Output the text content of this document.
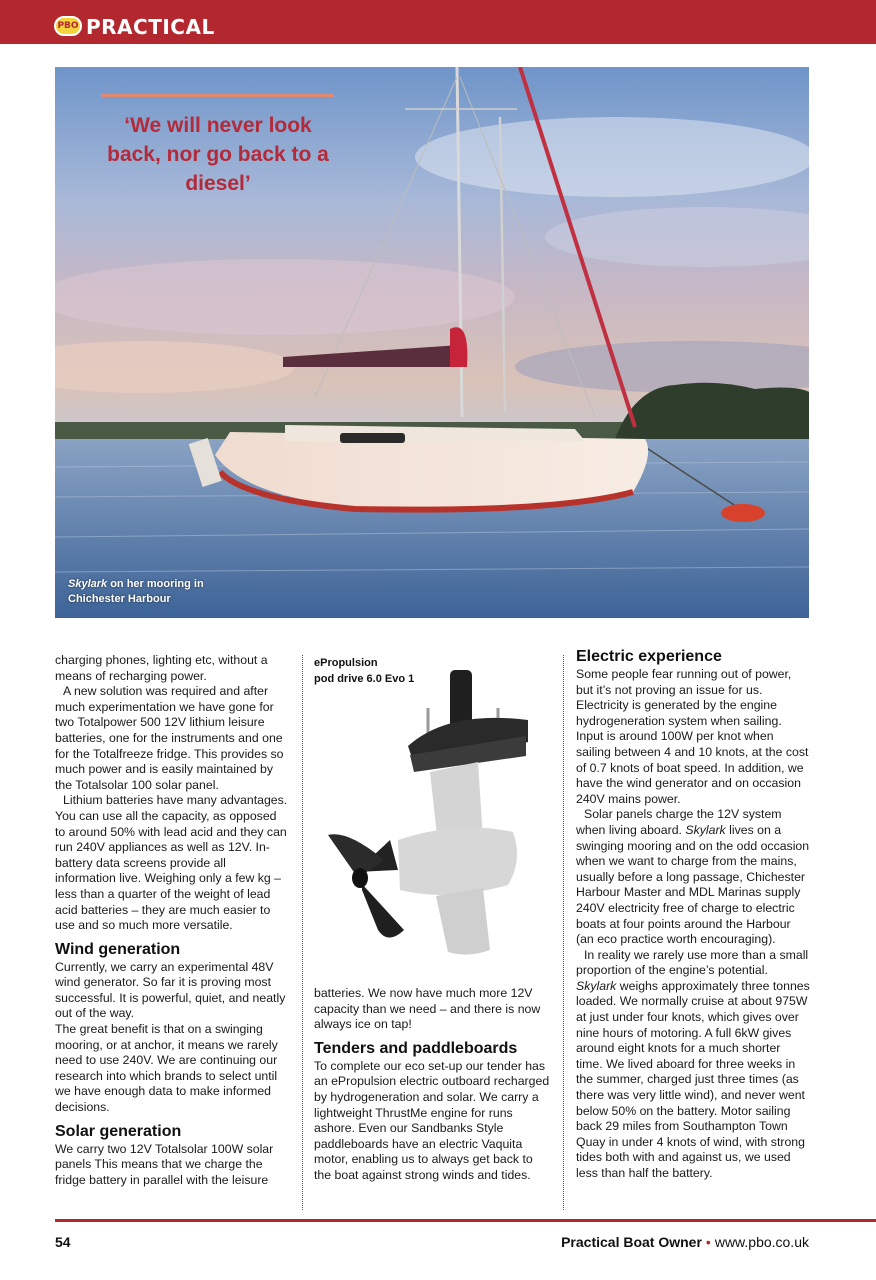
PBO PRACTICAL
‘We will never look back, nor go back to a diesel’
Skylark on her mooring in Chichester Harbour

charging phones, lighting etc, without a means of recharging power.

A new solution was required and after much experimentation we have gone for two Totalpower 500 12V lithium leisure batteries, one for the instruments and one for the Totalfreeze fridge. This provides so much power and is easily maintained by the Totalsolar 100 solar panel.

Lithium batteries have many advantages. You can use all the capacity, as opposed to around 50% with lead acid and they can run 240V appliances as well as 12V. In-battery data screens provide all information live. Weighing only a few kg – less than a quarter of the weight of lead acid batteries – they are much easier to use and so much more versatile.

Wind generation

Currently, we carry an experimental 48V wind generator. So far it is proving most successful. It is powerful, quiet, and neatly out of the way.

The great benefit is that on a swinging mooring, or at anchor, it means we rarely need to use 240V. We are continuing our research into which brands to select until we have enough data to make informed decisions.

Solar generation

We carry two 12V Totalsolar 100W solar panels This means that we charge the fridge battery in parallel with the leisure

ePropulsion
pod drive 6.0 Evo 1

batteries. We now have much more 12V capacity than we need – and there is now always ice on tap!

Tenders and paddleboards

To complete our eco set-up our tender has an ePropulsion electric outboard recharged by hydrogeneration and solar. We carry a lightweight ThrustMe engine for runs ashore. Even our Sandbanks Style paddleboards have an electric Vaquita motor, enabling us to always get back to the boat against strong winds and tides.

Electric experience

Some people fear running out of power, but it’s not proving an issue for us. Electricity is generated by the engine hydrogeneration system when sailing. Input is around 100W per knot when sailing between 4 and 10 knots, at the cost of 0.7 knots of boat speed. In addition, we have the wind generator and on occasion 240V mains power.

Solar panels charge the 12V system when living aboard. Skylark lives on a swinging mooring and on the odd occasion when we want to charge from the mains, usually before a long passage, Chichester Harbour Master and MDL Marinas supply 240V electricity free of charge to electric boats at four points around the Harbour (an eco practice worth encouraging).

In reality we rarely use more than a small proportion of the engine’s potential. Skylark weighs approximately three tonnes loaded. We normally cruise at about 975W at just under four knots, which gives over nine hours of motoring. A full 6kW gives around eight knots for a much shorter time. We lived aboard for three weeks in the summer, charged just three times (as there was very little wind), and never went below 50% on the battery. Motor sailing back 29 miles from Southampton Town Quay in under 4 knots of wind, with strong tides both with and against us, we used less than half the battery.

54	Practical Boat Owner • www.pbo.co.uk
